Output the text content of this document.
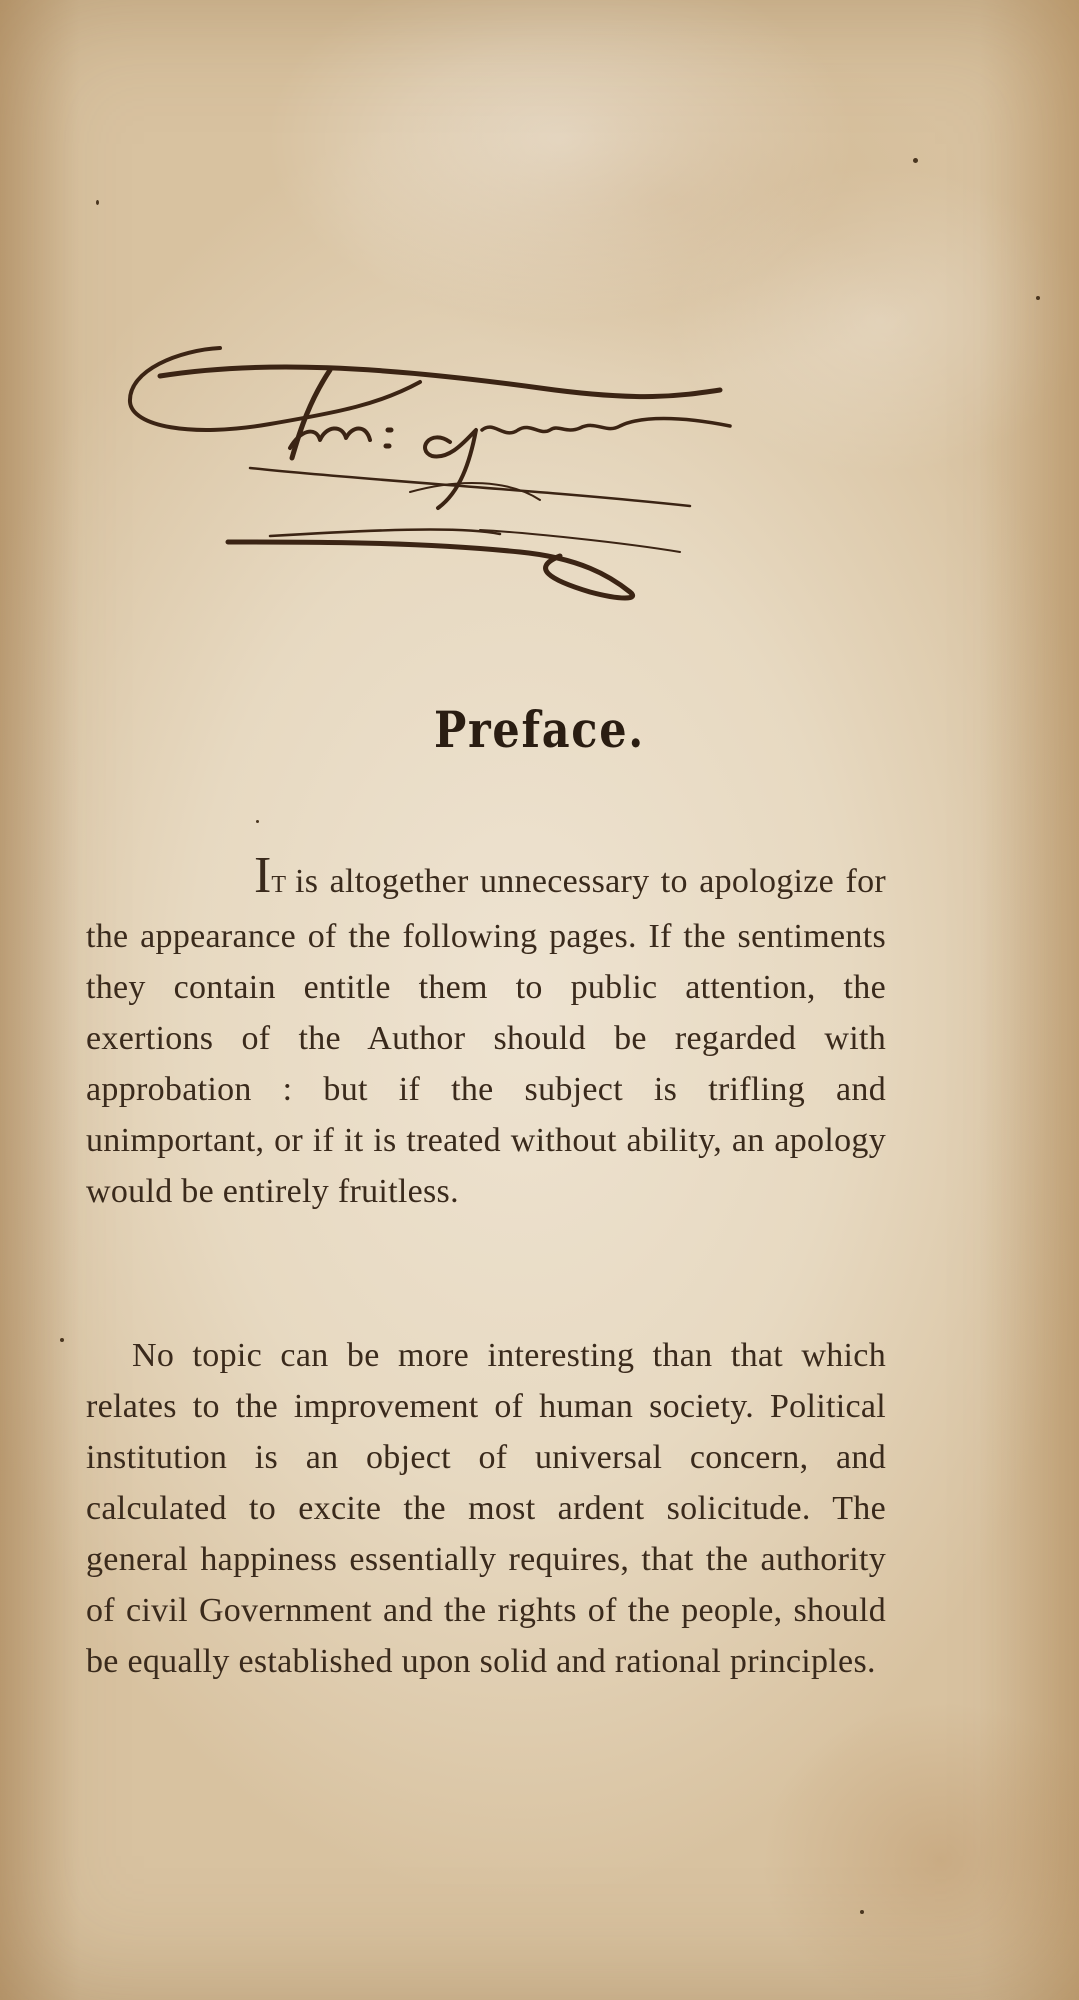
Preface.

IT is altogether unnecessary to apologize for the appearance of the following pages. If the sentiments they contain entitle them to public attention, the exertions of the Author should be regarded with approbation : but if the subject is trifling and unimportant, or if it is treated without ability, an apology would be entirely fruitless.

No topic can be more interesting than that which relates to the improvement of human society. Political institution is an object of universal concern, and calculated to excite the most ardent solicitude. The general happiness essentially requires, that the authority of civil Government and the rights of the people, should be equally established upon solid and rational principles.
